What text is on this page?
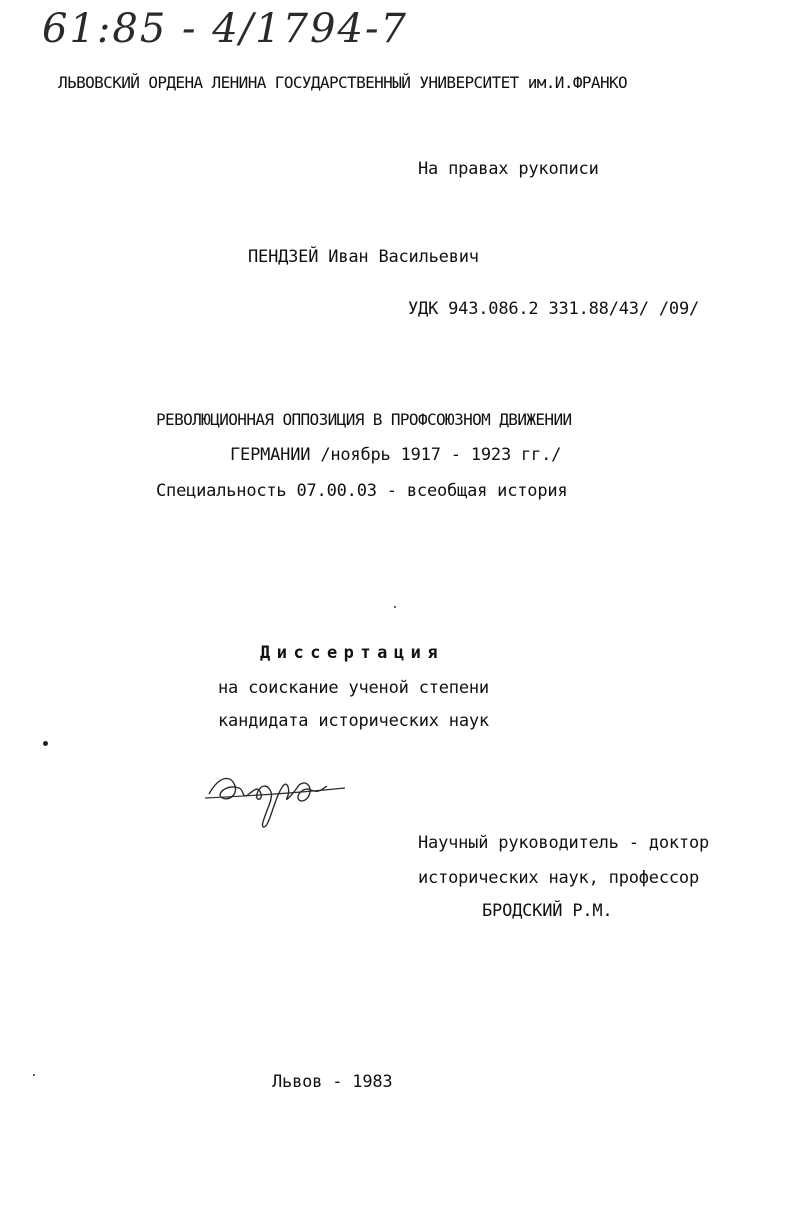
61:85 - 4/1794-7
ЛЬВОВСКИЙ ОРДЕНА ЛЕНИНА ГОСУДАРСТВЕННЫЙ УНИВЕРСИТЕТ им.И.ФРАНКО
На правах рукописи
ПЕНДЗЕЙ Иван Васильевич
УДК 943.086.2 331.88/43/ /09/
РЕВОЛЮЦИОННАЯ ОППОЗИЦИЯ В ПРОФСОЮЗНОМ ДВИЖЕНИИ
ГЕРМАНИИ /ноябрь 1917 - 1923 гг./
Специальность 07.00.03 - всеобщая история
Диссертация
на соискание ученой степени
кандидата исторических наук
Научный руководитель - доктор
исторических наук, профессор
БРОДСКИЙ Р.М.
Львов - 1983
